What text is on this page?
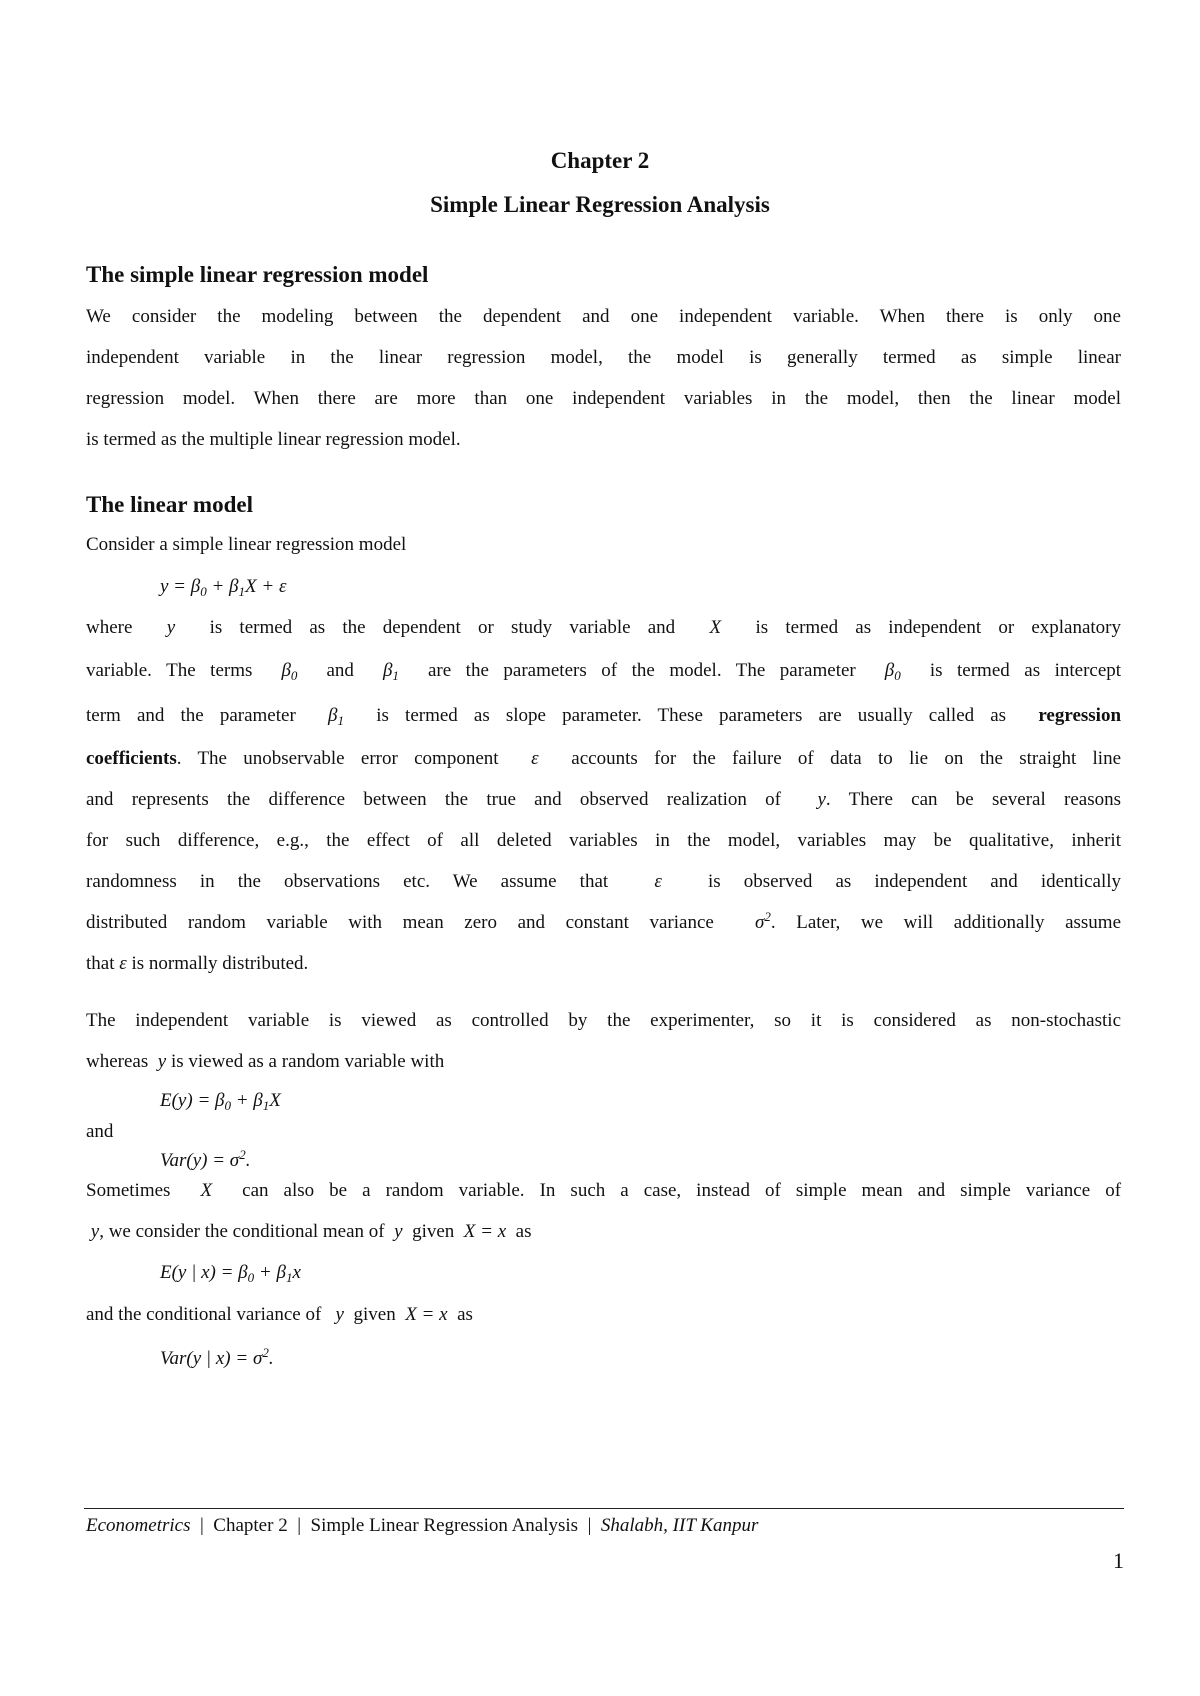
Chapter 2
Simple Linear Regression Analysis
The simple linear regression model
We consider the modeling between the dependent and one independent variable. When there is only one
independent variable in the linear regression model, the model is generally termed as simple linear
regression model. When there are more than one independent variables in the model, then the linear model
is termed as the multiple linear regression model.
The linear model
Consider a simple linear regression model
$y = \beta_0 + \beta_1X + \varepsilon$
where y is termed as the dependent or study variable and X is termed as independent or explanatory
variable. The terms $\beta_0$ and $\beta_1$ are the parameters of the model. The parameter $\beta_0$ is termed as intercept
term and the parameter $\beta_1$ is termed as slope parameter. These parameters are usually called as regression
coefficients. The unobservable error component ε accounts for the failure of data to lie on the straight line
and represents the difference between the true and observed realization of y. There can be several reasons
for such difference, e.g., the effect of all deleted variables in the model, variables may be qualitative, inherit
randomness in the observations etc. We assume that ε is observed as independent and identically
distributed random variable with mean zero and constant variance $\sigma^2$. Later, we will additionally assume
that ε is normally distributed.
The independent variable is viewed as controlled by the experimenter, so it is considered as non-stochastic
whereas y is viewed as a random variable with
$E(y) = \beta_0 + \beta_1X$
and
$Var(y) = \sigma^2$.
Sometimes X can also be a random variable. In such a case, instead of simple mean and simple variance of
y, we consider the conditional mean of y given X = x as
E(y | $x) = \beta_0 + \beta_1x$
and the conditional variance of y given X = x as
Var(y | $x) = \sigma^2$.
Econometrics | Chapter 2 | Simple Linear Regression Analysis | Shalabh, IIT Kanpur
1
